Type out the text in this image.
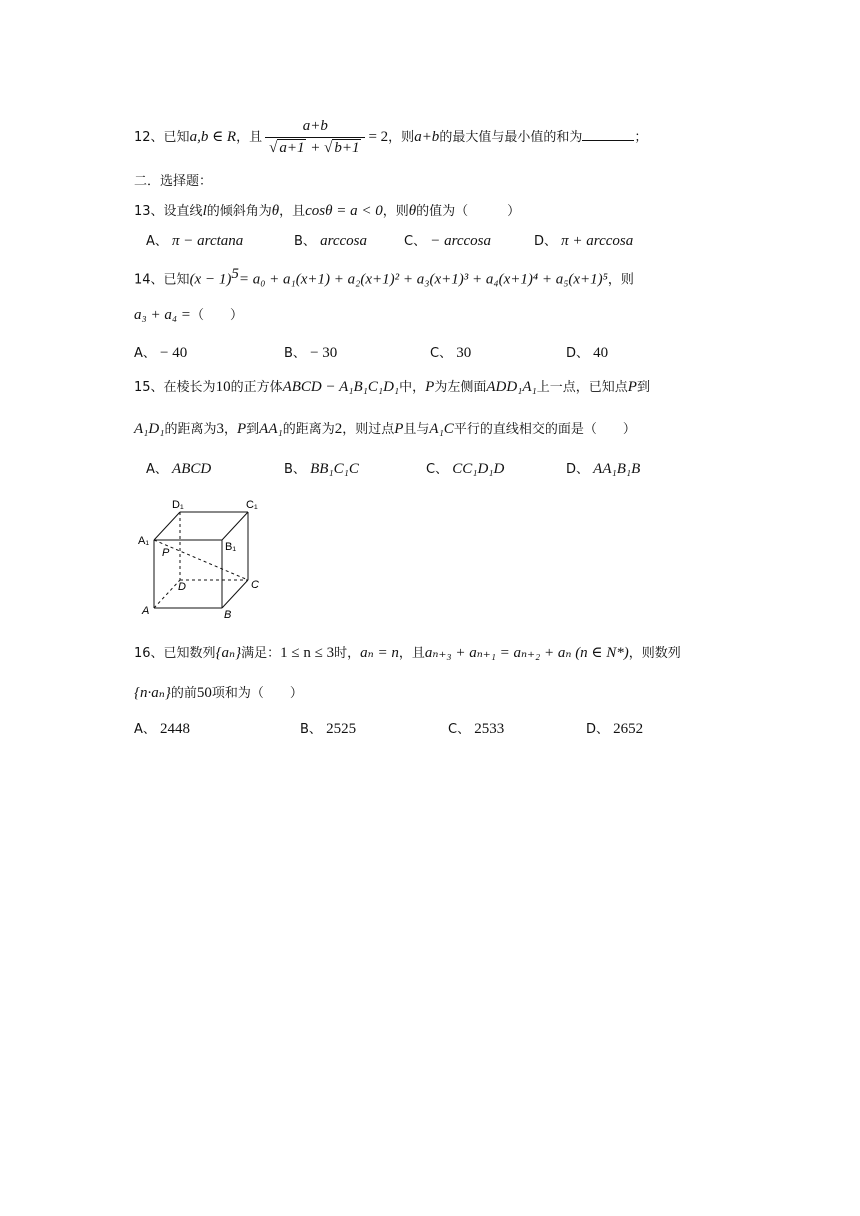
12、已知a,b ∈ R，且 $\frac{a+b}{√ a+1 + √ b+1} = 2$，则a+b的最大值与最小值的和为	；
二．选择题：
13、设直线l的倾斜角为θ，且cosθ = a < 0，则θ的值为（　　　）
A、 π − arctana	B、 arccosa	C、 − arccosa	D、 π + arccosa
14、已知$(x - 1)^5= a_0 + a_1(x+1) + a_2(x+1)^2 + a_3(x+1)^3 + a_4(x+1)^4 + a_5(x+1)^5$，则
a₃ + a₄ =（　　）
A、 − 40	B、 − 30	C、 30	D、 40
15、在棱长为10的正方体ABCD − A₁B₁C₁D₁中，P为左侧面ADD₁A₁上一点，已知点P到
A₁D₁的距离为3，P到AA₁的距离为2，则过点P且与A₁C平行的直线相交的面是（　　）
A、 ABCD	B、 BB₁C₁C	C、 CC₁D₁D	D、 AA₁B₁B
D₁	C₁
A₁	B₁
P
D	C
A	B
16、已知数列{aₙ}满足：1 ≤ n ≤ 3时，aₙ = n，且aₙ₊₃ + aₙ₊₁ = aₙ₊₂ + aₙ (n ∈ N*)，则数列
{n·aₙ}的前50项和为（　　）
A、 2448	B、 2525	C、 2533	D、 2652
